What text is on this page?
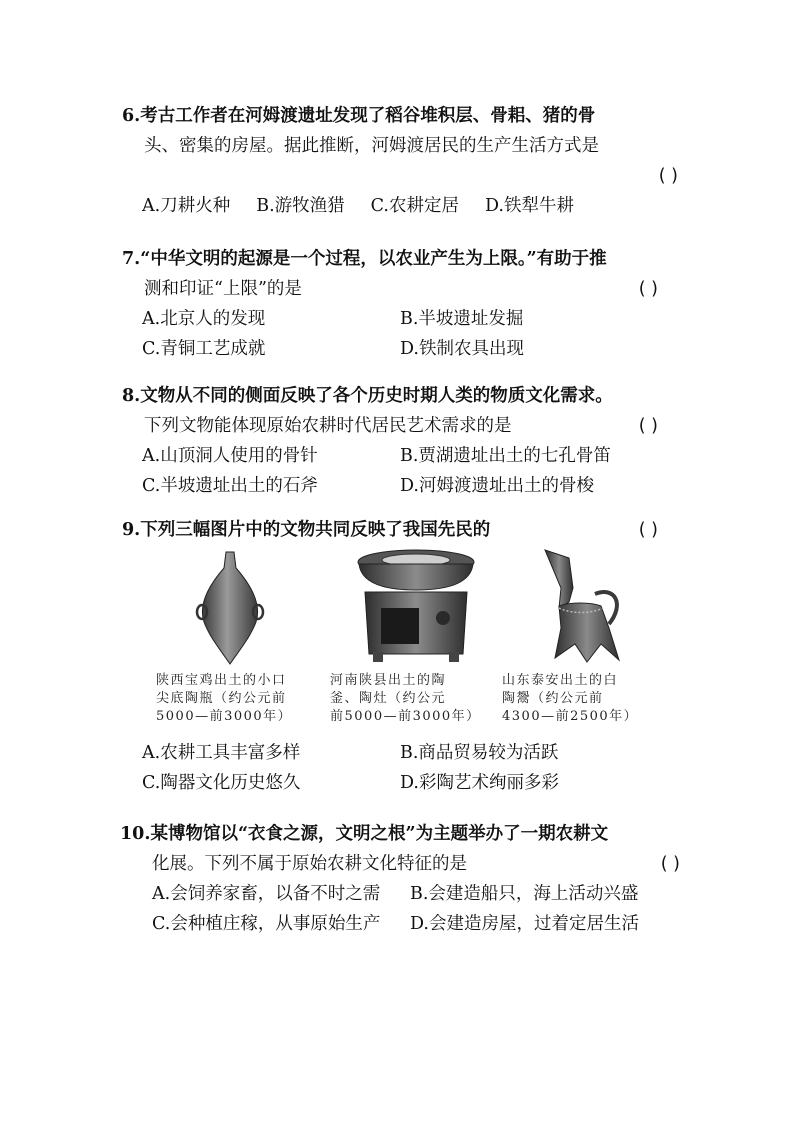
6.考古工作者在河姆渡遗址发现了稻谷堆积层、骨耜、猪的骨
头、密集的房屋。据此推断，河姆渡居民的生产生活方式是

( )
A.刀耕火种 B.游牧渔猎 C.农耕定居 D.铁犁牛耕

7.“中华文明的起源是一个过程，以农业产生为上限。”有助于推
测和印证“上限”的是	( )

A.北京人的发现	B.半坡遗址发掘
C.青铜工艺成就	D.铁制农具出现

8.文物从不同的侧面反映了各个历史时期人类的物质文化需求。
下列文物能体现原始农耕时代居民艺术需求的是	( )

A.山顶洞人使用的骨针	B.贾湖遗址出土的七孔骨笛
C.半坡遗址出土的石斧	D.河姆渡遗址出土的骨梭

9.下列三幅图片中的文物共同反映了我国先民的	( )

陕西宝鸡出土的小口
尖底陶瓶（约公元前
5000—前3000年）
河南陕县出土的陶
釜、陶灶（约公元
前5000—前3000年）
山东泰安出土的白
陶鬶（约公元前
4300—前2500年）
A.农耕工具丰富多样	B.商品贸易较为活跃
C.陶器文化历史悠久	D.彩陶艺术绚丽多彩

10.某博物馆以“衣食之源，文明之根”为主题举办了一期农耕文
化展。下列不属于原始农耕文化特征的是	( )

A.会饲养家畜，以备不时之需	B.会建造船只，海上活动兴盛
C.会种植庄稼，从事原始生产	D.会建造房屋，过着定居生活
